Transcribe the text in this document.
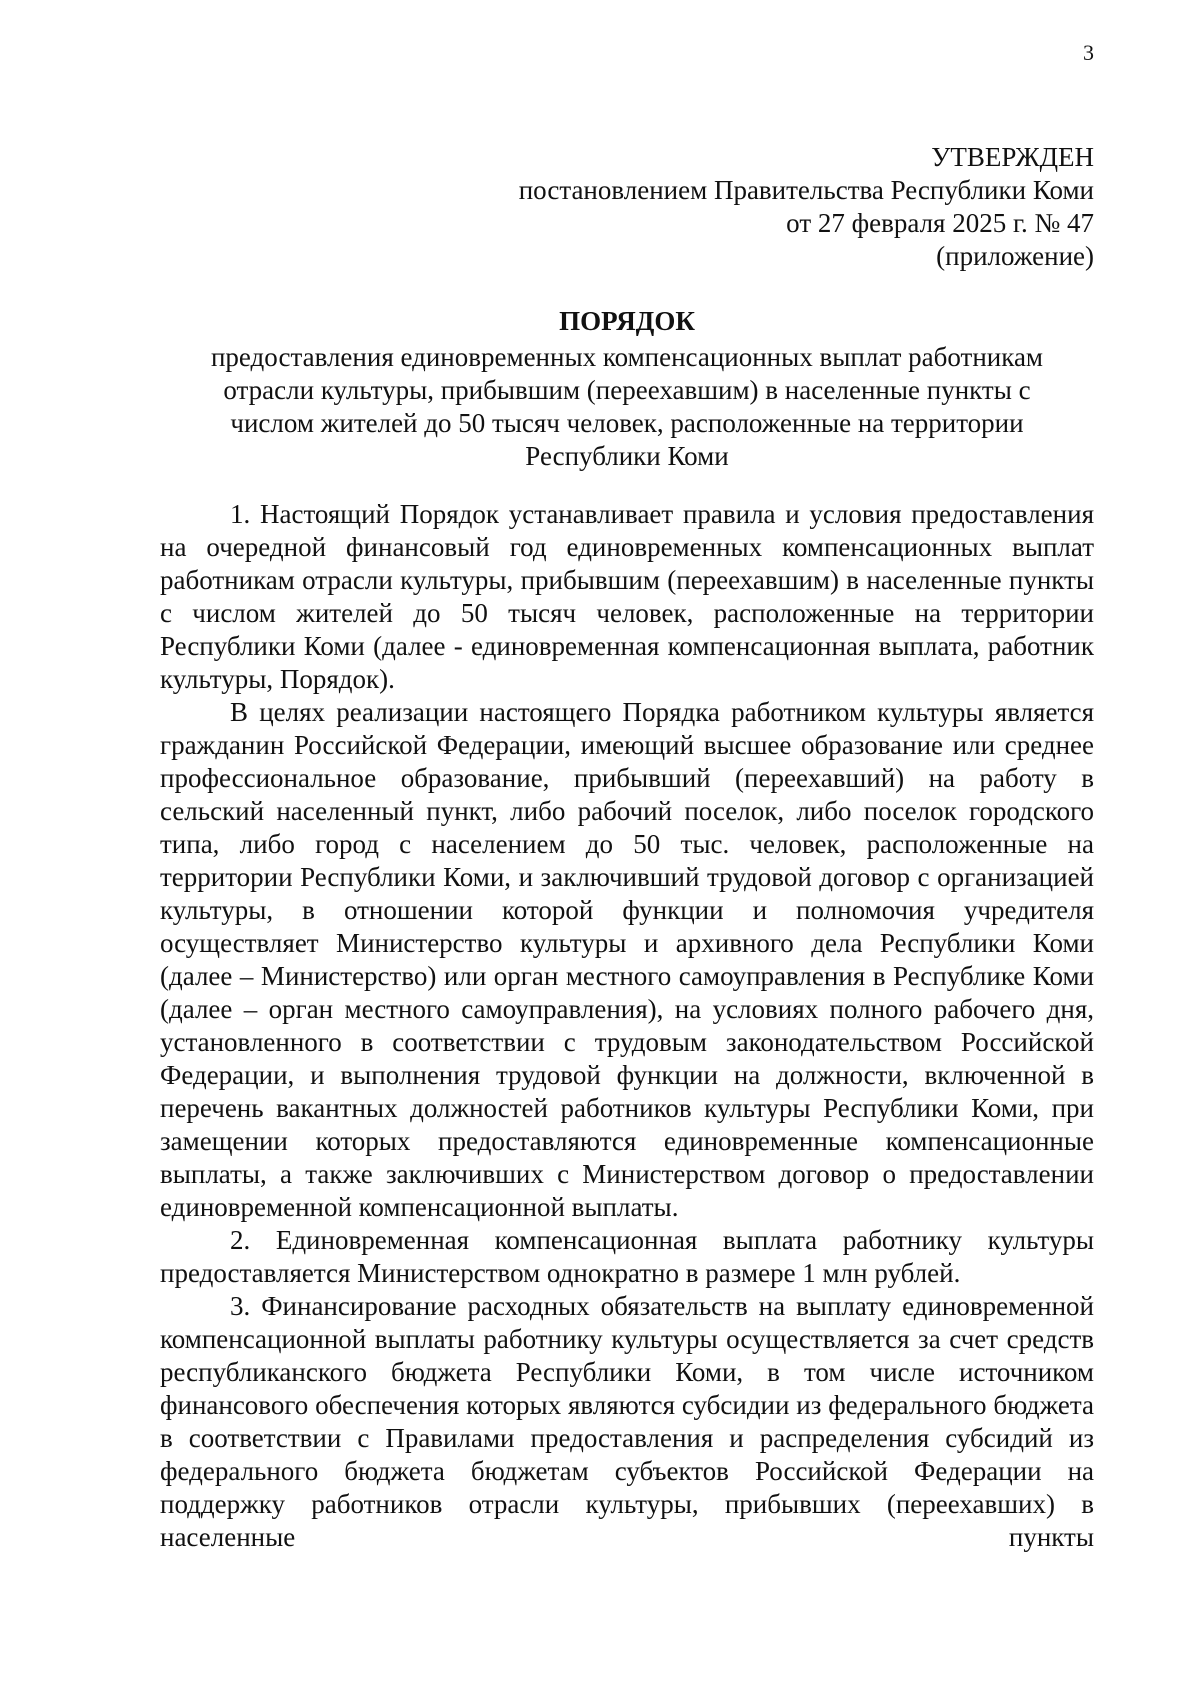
3
УТВЕРЖДЕН
постановлением Правительства Республики Коми
от 27 февраля 2025 г. № 47
(приложение)
ПОРЯДОК
предоставления единовременных компенсационных выплат работникам
отрасли культуры, прибывшим (переехавшим) в населенные пункты с
числом жителей до 50 тысяч человек, расположенные на территории
Республики Коми

1. Настоящий Порядок устанавливает правила и условия предоставления на очередной финансовый год единовременных компенсационных выплат работникам отрасли культуры, прибывшим (переехавшим) в населенные пункты с числом жителей до 50 тысяч человек, расположенные на территории Республики Коми (далее - единовременная компенсационная выплата, работник культуры, Порядок).

В целях реализации настоящего Порядка работником культуры является гражданин Российской Федерации, имеющий высшее образование или среднее профессиональное образование, прибывший (переехавший) на работу в сельский населенный пункт, либо рабочий поселок, либо поселок городского типа, либо город с населением до 50 тыс. человек, расположенные на территории Республики Коми, и заключивший трудовой договор с организацией культуры, в отношении которой функции и полномочия учредителя осуществляет Министерство культуры и архивного дела Республики Коми (далее – Министерство) или орган местного самоуправления в Республике Коми (далее – орган местного самоуправления), на условиях полного рабочего дня, установленного в соответствии с трудовым законодательством Российской Федерации, и выполнения трудовой функции на должности, включенной в перечень вакантных должностей работников культуры Республики Коми, при замещении которых предоставляются единовременные компенсационные выплаты, а также заключивших с Министерством договор о предоставлении единовременной компенсационной выплаты.

2. Единовременная компенсационная выплата работнику культуры предоставляется Министерством однократно в размере 1 млн рублей.

3. Финансирование расходных обязательств на выплату единовременной компенсационной выплаты работнику культуры осуществляется за счет средств республиканского бюджета Республики Коми, в том числе источником финансового обеспечения которых являются субсидии из федерального бюджета в соответствии с Правилами предоставления и распределения субсидий из федерального бюджета бюджетам субъектов Российской Федерации на поддержку работников отрасли культуры, прибывших (переехавших) в населенные пункты
